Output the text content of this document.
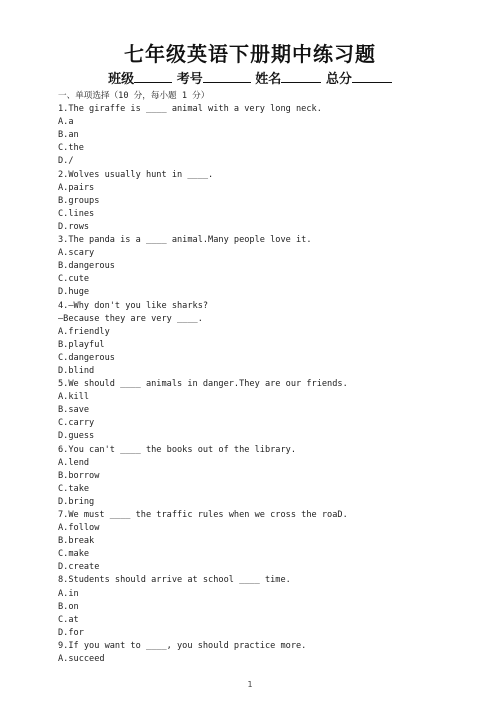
七年级英语下册期中练习题
班级	考号	姓名	总分
一、单项选择（10 分，每小题 1 分）
1.The giraffe is ____ animal with a very long neck.
A.a
B.an
C.the
D./
2.Wolves usually hunt in ____.
A.pairs
B.groups
C.lines
D.rows
3.The panda is a ____ animal.Many people love it.
A.scary
B.dangerous
C.cute
D.huge
4.—Why don't you like sharks?
—Because they are very ____.
A.friendly
B.playful
C.dangerous
D.blind
5.We should ____ animals in danger.They are our friends.
A.kill
B.save
C.carry
D.guess
6.You can't ____ the books out of the library.
A.lend
B.borrow
C.take
D.bring
7.We must ____ the traffic rules when we cross the roaD.
A.follow
B.break
C.make
D.create
8.Students should arrive at school ____ time.
A.in
B.on
C.at
D.for
9.If you want to ____, you should practice more.
A.succeed
1
